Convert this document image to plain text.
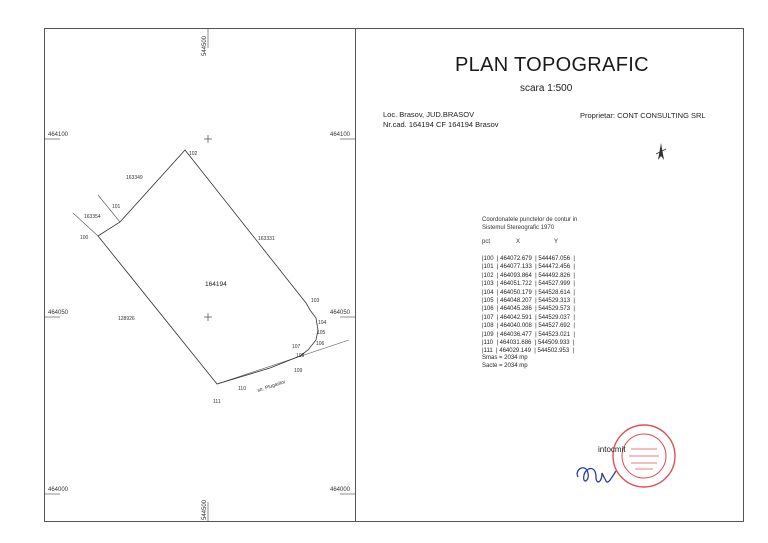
464100	464100
464050	464050
464000	464000
544500
544500
100
101
102
103
104
105
106
107
108
109
110
111
163349
163354
163331
128926
164194
str. Plugarilor
PLAN TOPOGRAFIC
scara 1:500
Loc. Brasov, JUD.BRASOV
Nr.cad. 164194 CF 164194 Brasov
Proprietar: CONT CONSULTING SRL
Coordonatele punctelor de contur in
Sistemul Stereografic 1970
pct	X	Y
|100  | 464072.679  | 544467.056  |
|101  | 464077.133  | 544472.456  |
|102  | 464093.864  | 544492.826  |
|103  | 464051.722  | 544527.999  |
|104  | 464050.179  | 544528.614  |
|105  | 464048.207  | 544529.313  |
|106  | 464045.286  | 544529.573  |
|107  | 464042.591  | 544529.037  |
|108  | 464040.008  | 544527.692  |
|109  | 464036.477  | 544523.021  |
|110  | 464031.686  | 544509.933  |
|111  | 464029.149  | 544502.953  |
Smas = 2034 mp
Sacte = 2034 mp
intocmit
